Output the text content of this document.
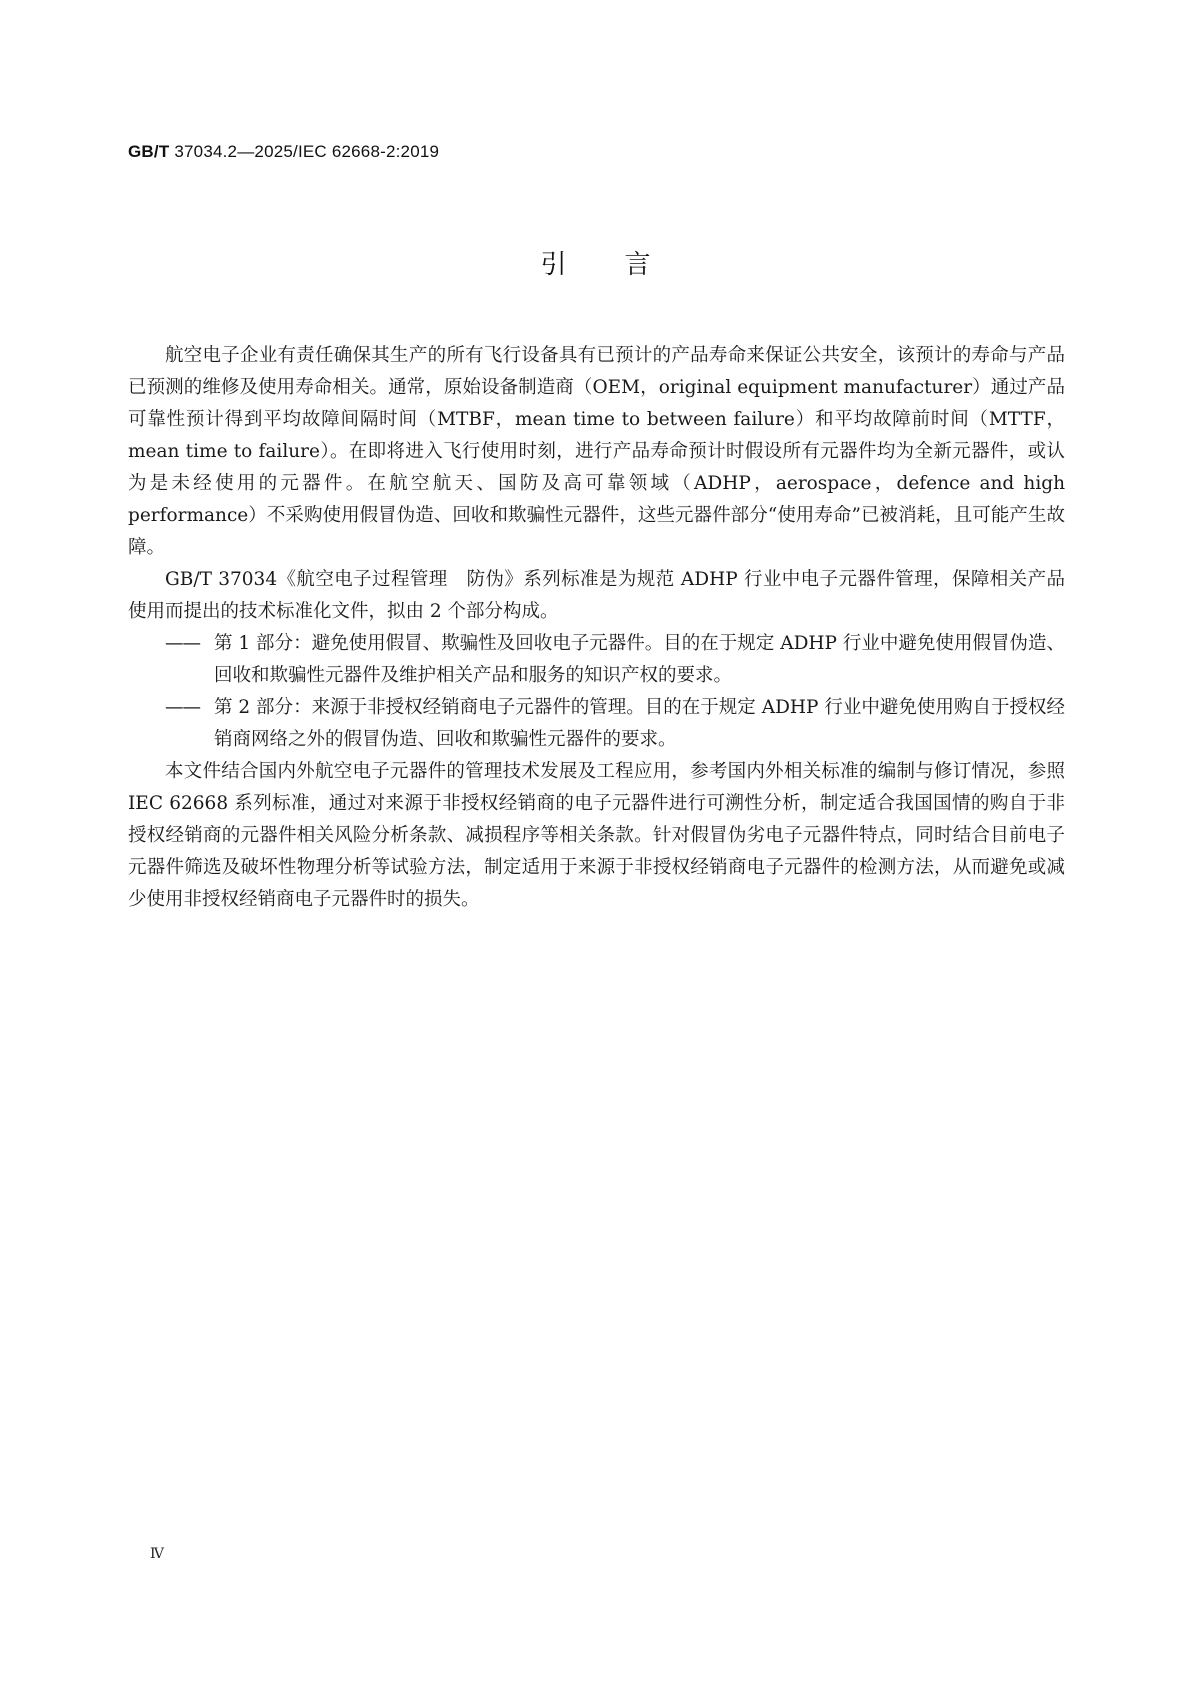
GB/T 37034.2—2025/IEC 62668-2:2019
引 言

航空电子企业有责任确保其生产的所有飞行设备具有已预计的产品寿命来保证公共安全，该预计的寿命与产品已预测的维修及使用寿命相关。通常，原始设备制造商（OEM，original equipment manufacturer）通过产品可靠性预计得到平均故障间隔时间（MTBF，mean time to between failure）和平均故障前时间（MTTF，mean time to failure）。在即将进入飞行使用时刻，进行产品寿命预计时假设所有元器件均为全新元器件，或认为是未经使用的元器件。在航空航天、国防及高可靠领域（ADHP，aerospace，defence and high performance）不采购使用假冒伪造、回收和欺骗性元器件，这些元器件部分“使用寿命”已被消耗，且可能产生故障。

GB/T 37034《航空电子过程管理　防伪》系列标准是为规范 ADHP 行业中电子元器件管理，保障相关产品使用而提出的技术标准化文件，拟由 2 个部分构成。

—— 第 1 部分：避免使用假冒、欺骗性及回收电子元器件。目的在于规定 ADHP 行业中避免使用假冒伪造、回收和欺骗性元器件及维护相关产品和服务的知识产权的要求。

—— 第 2 部分：来源于非授权经销商电子元器件的管理。目的在于规定 ADHP 行业中避免使用购自于授权经销商网络之外的假冒伪造、回收和欺骗性元器件的要求。

本文件结合国内外航空电子元器件的管理技术发展及工程应用，参考国内外相关标准的编制与修订情况，参照 IEC 62668 系列标准，通过对来源于非授权经销商的电子元器件进行可溯性分析，制定适合我国国情的购自于非授权经销商的元器件相关风险分析条款、减损程序等相关条款。针对假冒伪劣电子元器件特点，同时结合目前电子元器件筛选及破坏性物理分析等试验方法，制定适用于来源于非授权经销商电子元器件的检测方法，从而避免或减少使用非授权经销商电子元器件时的损失。

Ⅳ
